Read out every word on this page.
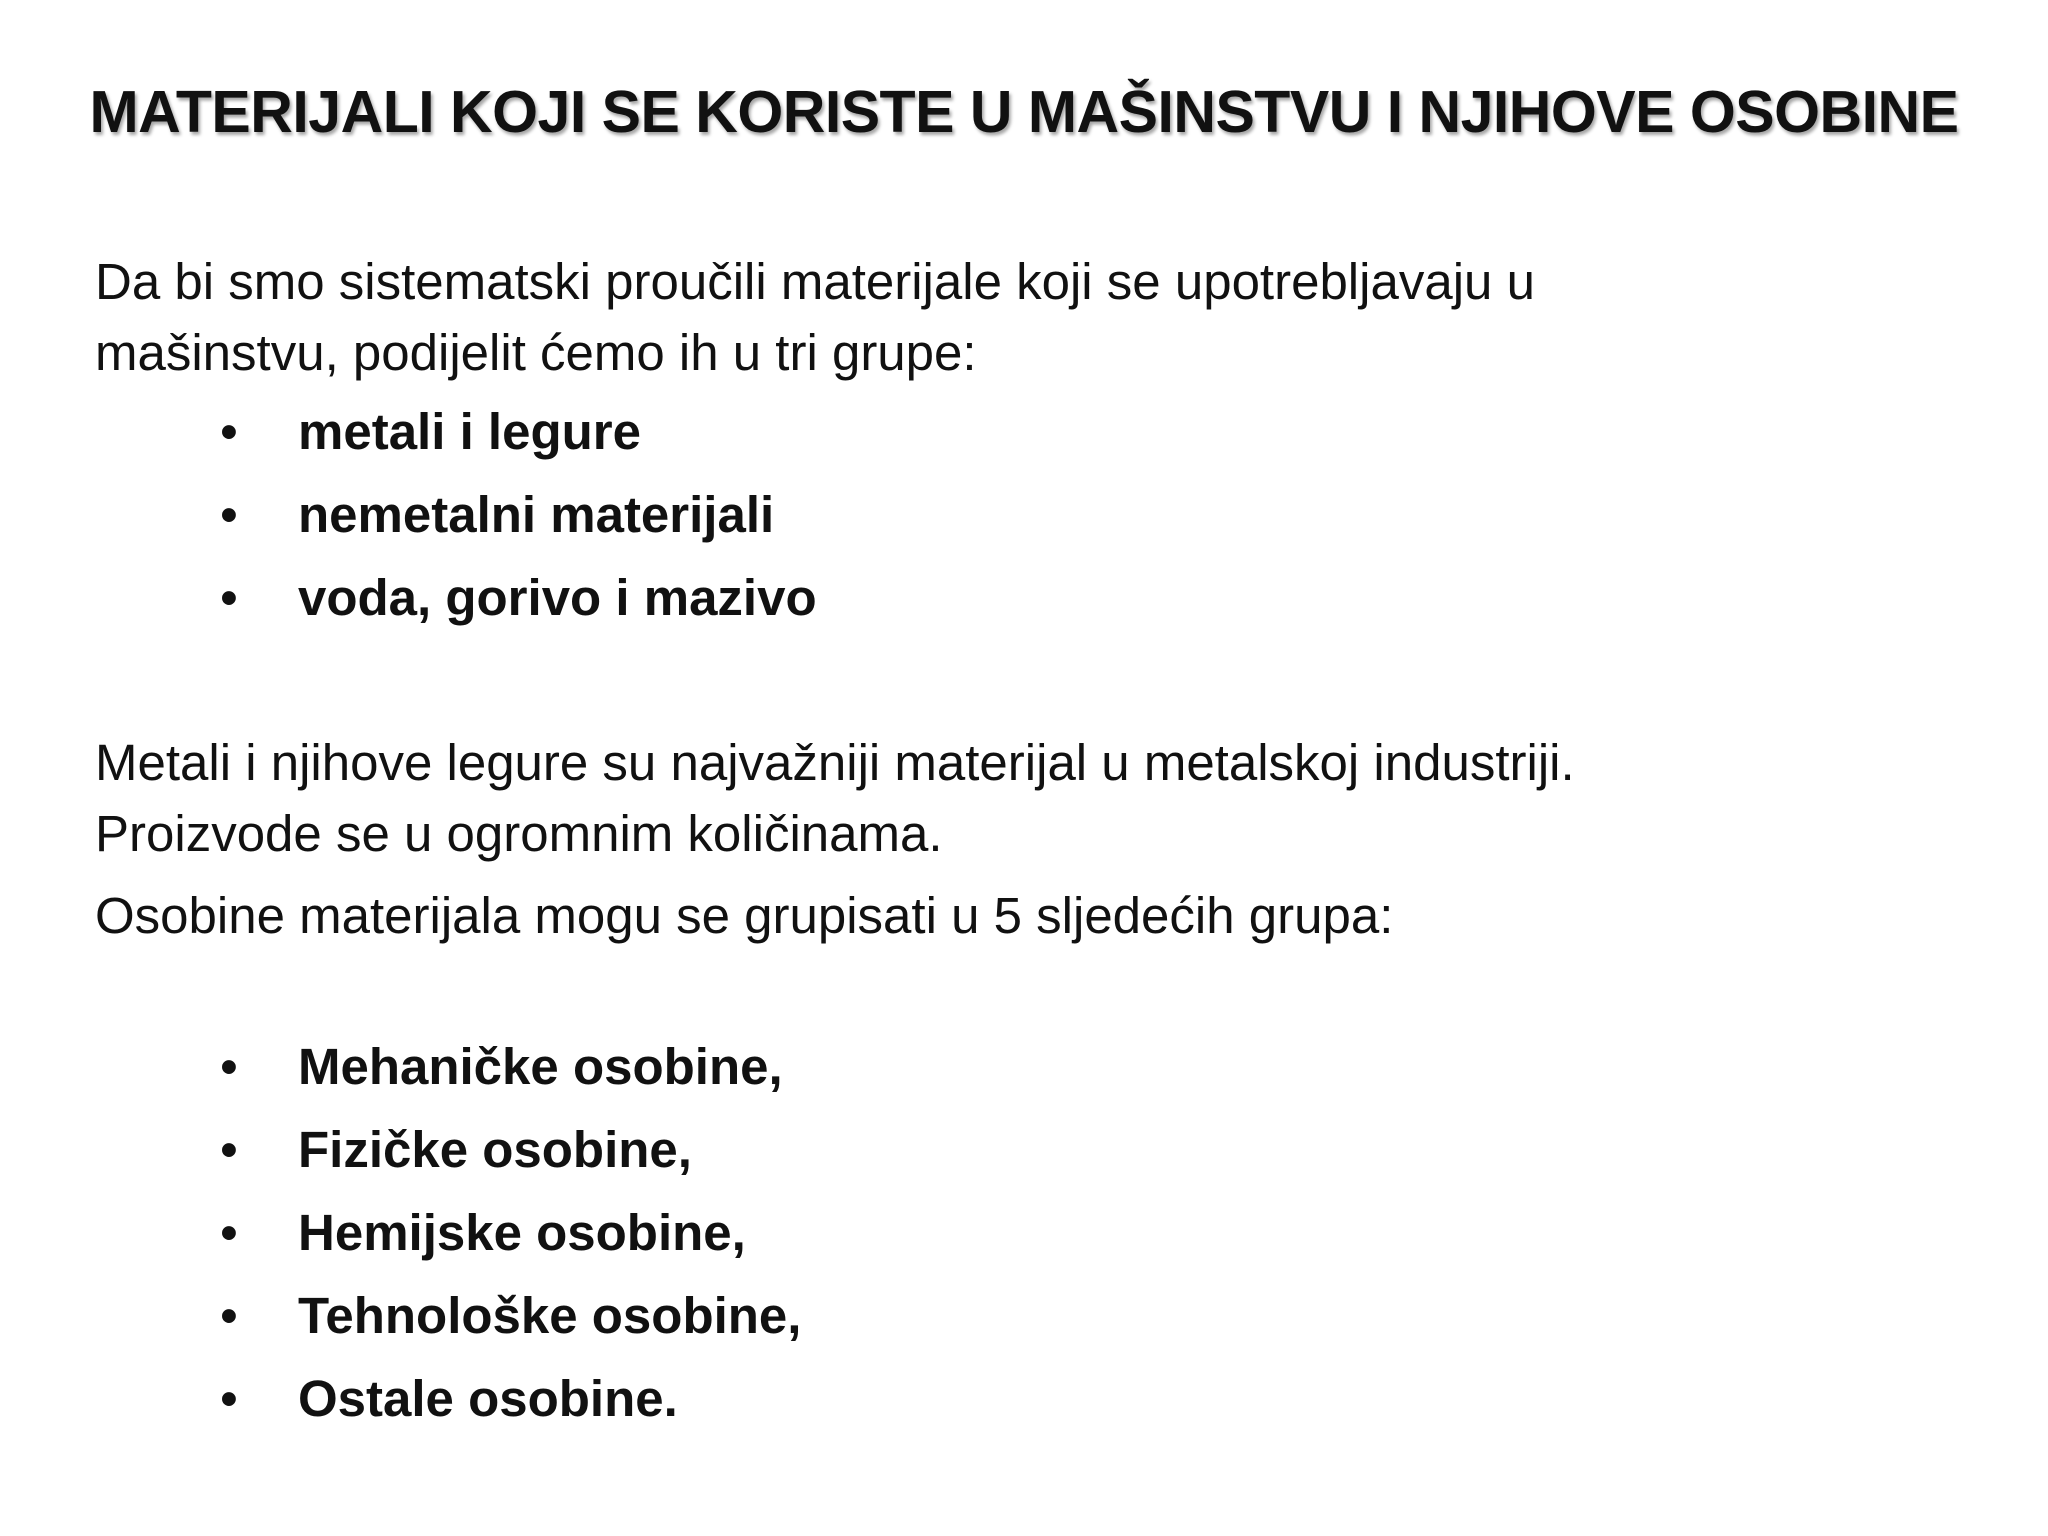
MATERIJALI KOJI SE KORISTE U MAŠINSTVU I NJIHOVE OSOBINE

Da bi smo sistematski proučili materijale koji se upotrebljavaju u
mašinstvu, podijelit ćemo ih u tri grupe:

• metali i legure
• nemetalni materijali
• voda, gorivo i mazivo

Metali i njihove legure su najvažniji materijal u metalskoj industriji.
Proizvode se u ogromnim količinama.

Osobine materijala mogu se grupisati u 5 sljedećih grupa:

• Mehaničke osobine,
• Fizičke osobine,
• Hemijske osobine,
• Tehnološke osobine,
• Ostale osobine.
